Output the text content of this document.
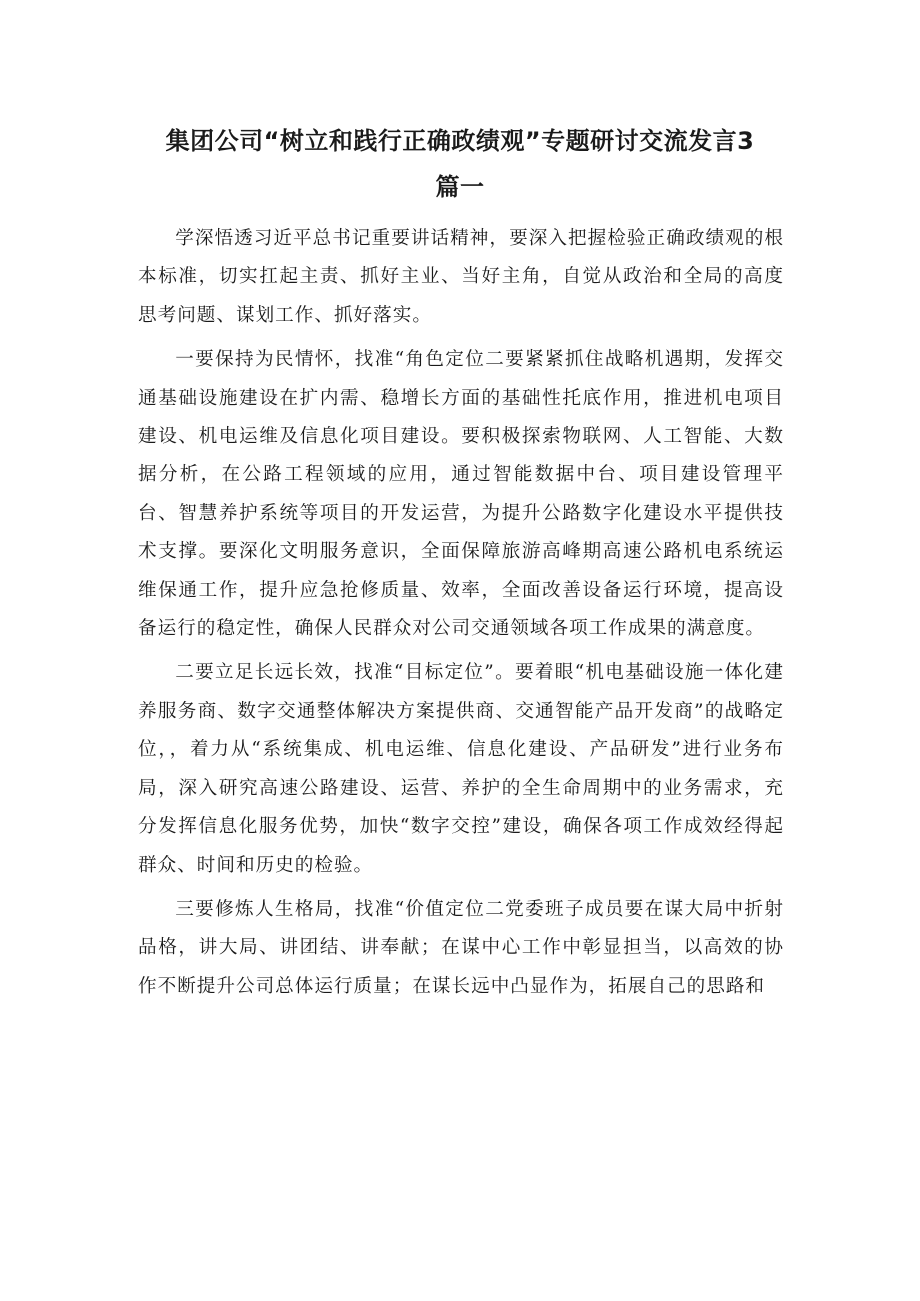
集团公司“树立和践行正确政绩观”专题研讨交流发言3
篇一

学深悟透习近平总书记重要讲话精神，要深入把握检验正确政绩观的根本标准，切实扛起主责、抓好主业、当好主角，自觉从政治和全局的高度思考问题、谋划工作、抓好落实。

一要保持为民情怀，找准“角色定位二要紧紧抓住战略机遇期，发挥交通基础设施建设在扩内需、稳增长方面的基础性托底作用，推进机电项目建设、机电运维及信息化项目建设。要积极探索物联网、人工智能、大数据分析，在公路工程领域的应用，通过智能数据中台、项目建设管理平台、智慧养护系统等项目的开发运营，为提升公路数字化建设水平提供技术支撑。要深化文明服务意识，全面保障旅游高峰期高速公路机电系统运维保通工作，提升应急抢修质量、效率，全面改善设备运行环境，提高设备运行的稳定性，确保人民群众对公司交通领域各项工作成果的满意度。

二要立足长远长效，找准“目标定位”。要着眼“机电基础设施一体化建养服务商、数字交通整体解决方案提供商、交通智能产品开发商”的战略定位，，着力从“系统集成、机电运维、信息化建设、产品研发”进行业务布局，深入研究高速公路建设、运营、养护的全生命周期中的业务需求，充分发挥信息化服务优势，加快“数字交控”建设，确保各项工作成效经得起群众、时间和历史的检验。

三要修炼人生格局，找准“价值定位二党委班子成员要在谋大局中折射品格，讲大局、讲团结、讲奉献；在谋中心工作中彰显担当，以高效的协作不断提升公司总体运行质量；在谋长远中凸显作为，拓展自己的思路和
